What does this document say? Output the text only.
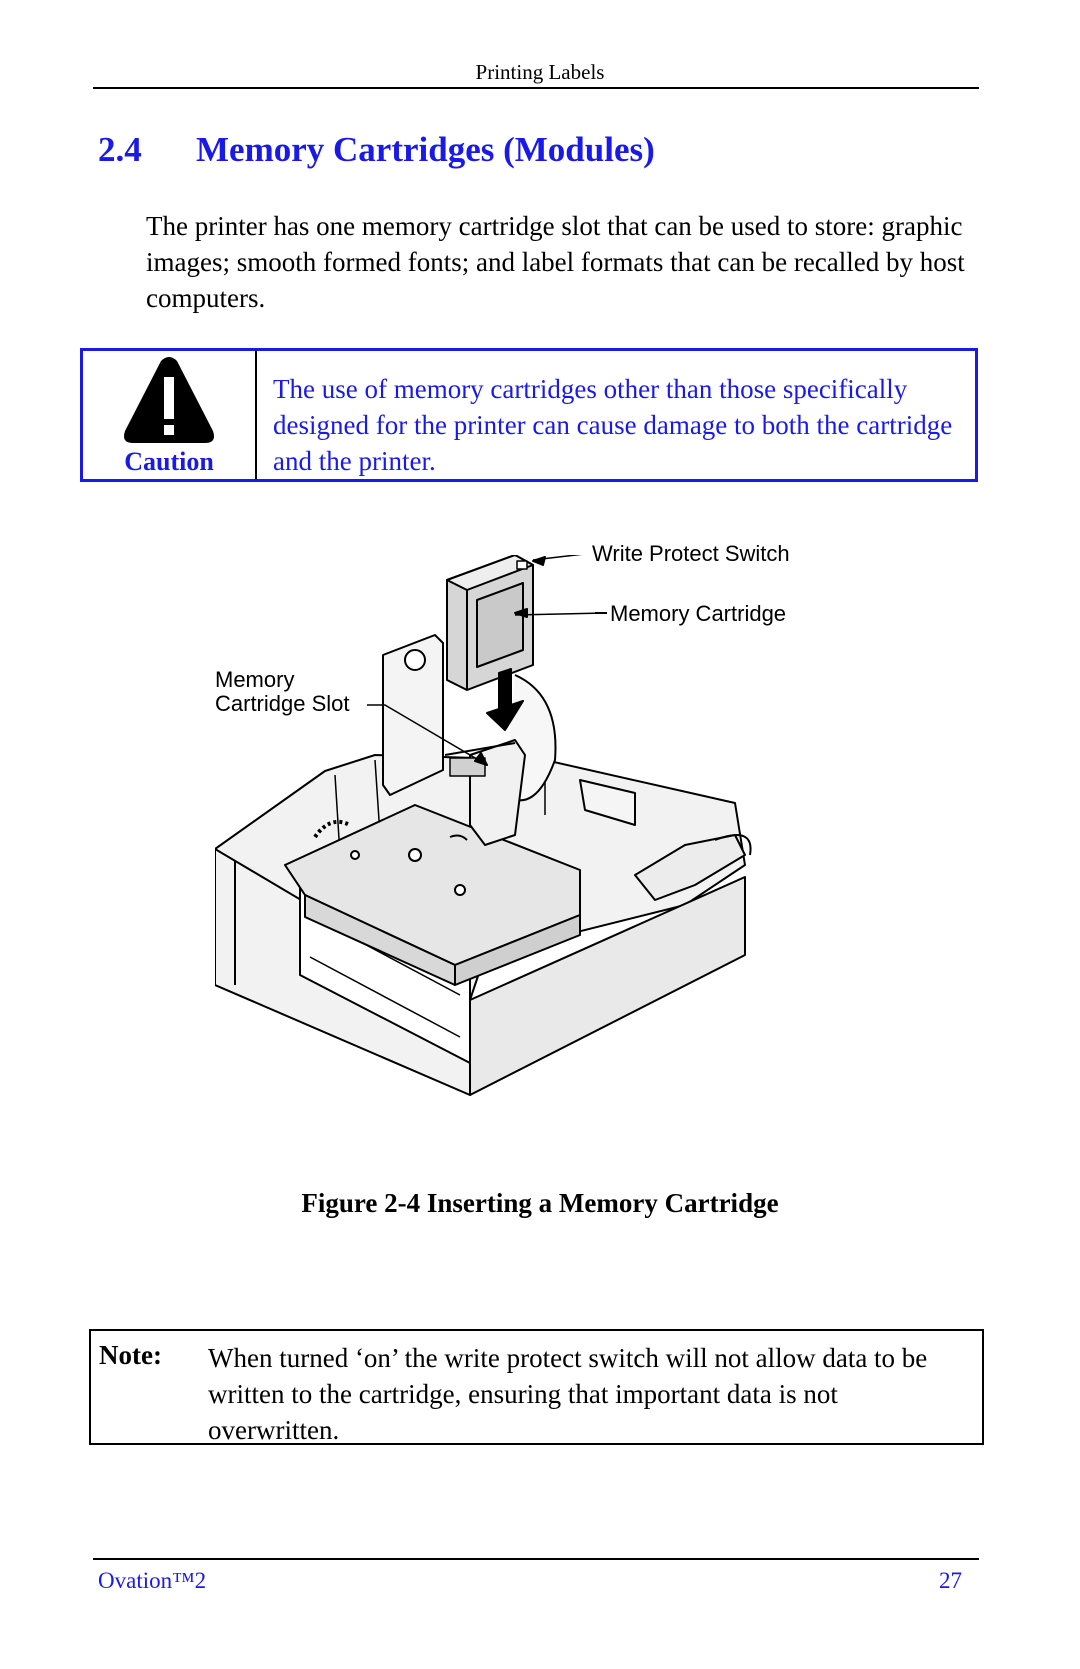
Printing Labels
2.4 Memory Cartridges (Modules)
The printer has one memory cartridge slot that can be used to store: graphic images; smooth formed fonts; and label formats that can be recalled by host computers.
Caution
The use of memory cartridges other than those specifically designed for the printer can cause damage to both the cartridge and the printer.
Write Protect Switch
Memory Cartridge
Memory
Cartridge Slot
Figure 2-4 Inserting a Memory Cartridge
Note: When turned ‘on’ the write protect switch will not allow data to be written to the cartridge, ensuring that important data is not overwritten.
Ovation™2	27
